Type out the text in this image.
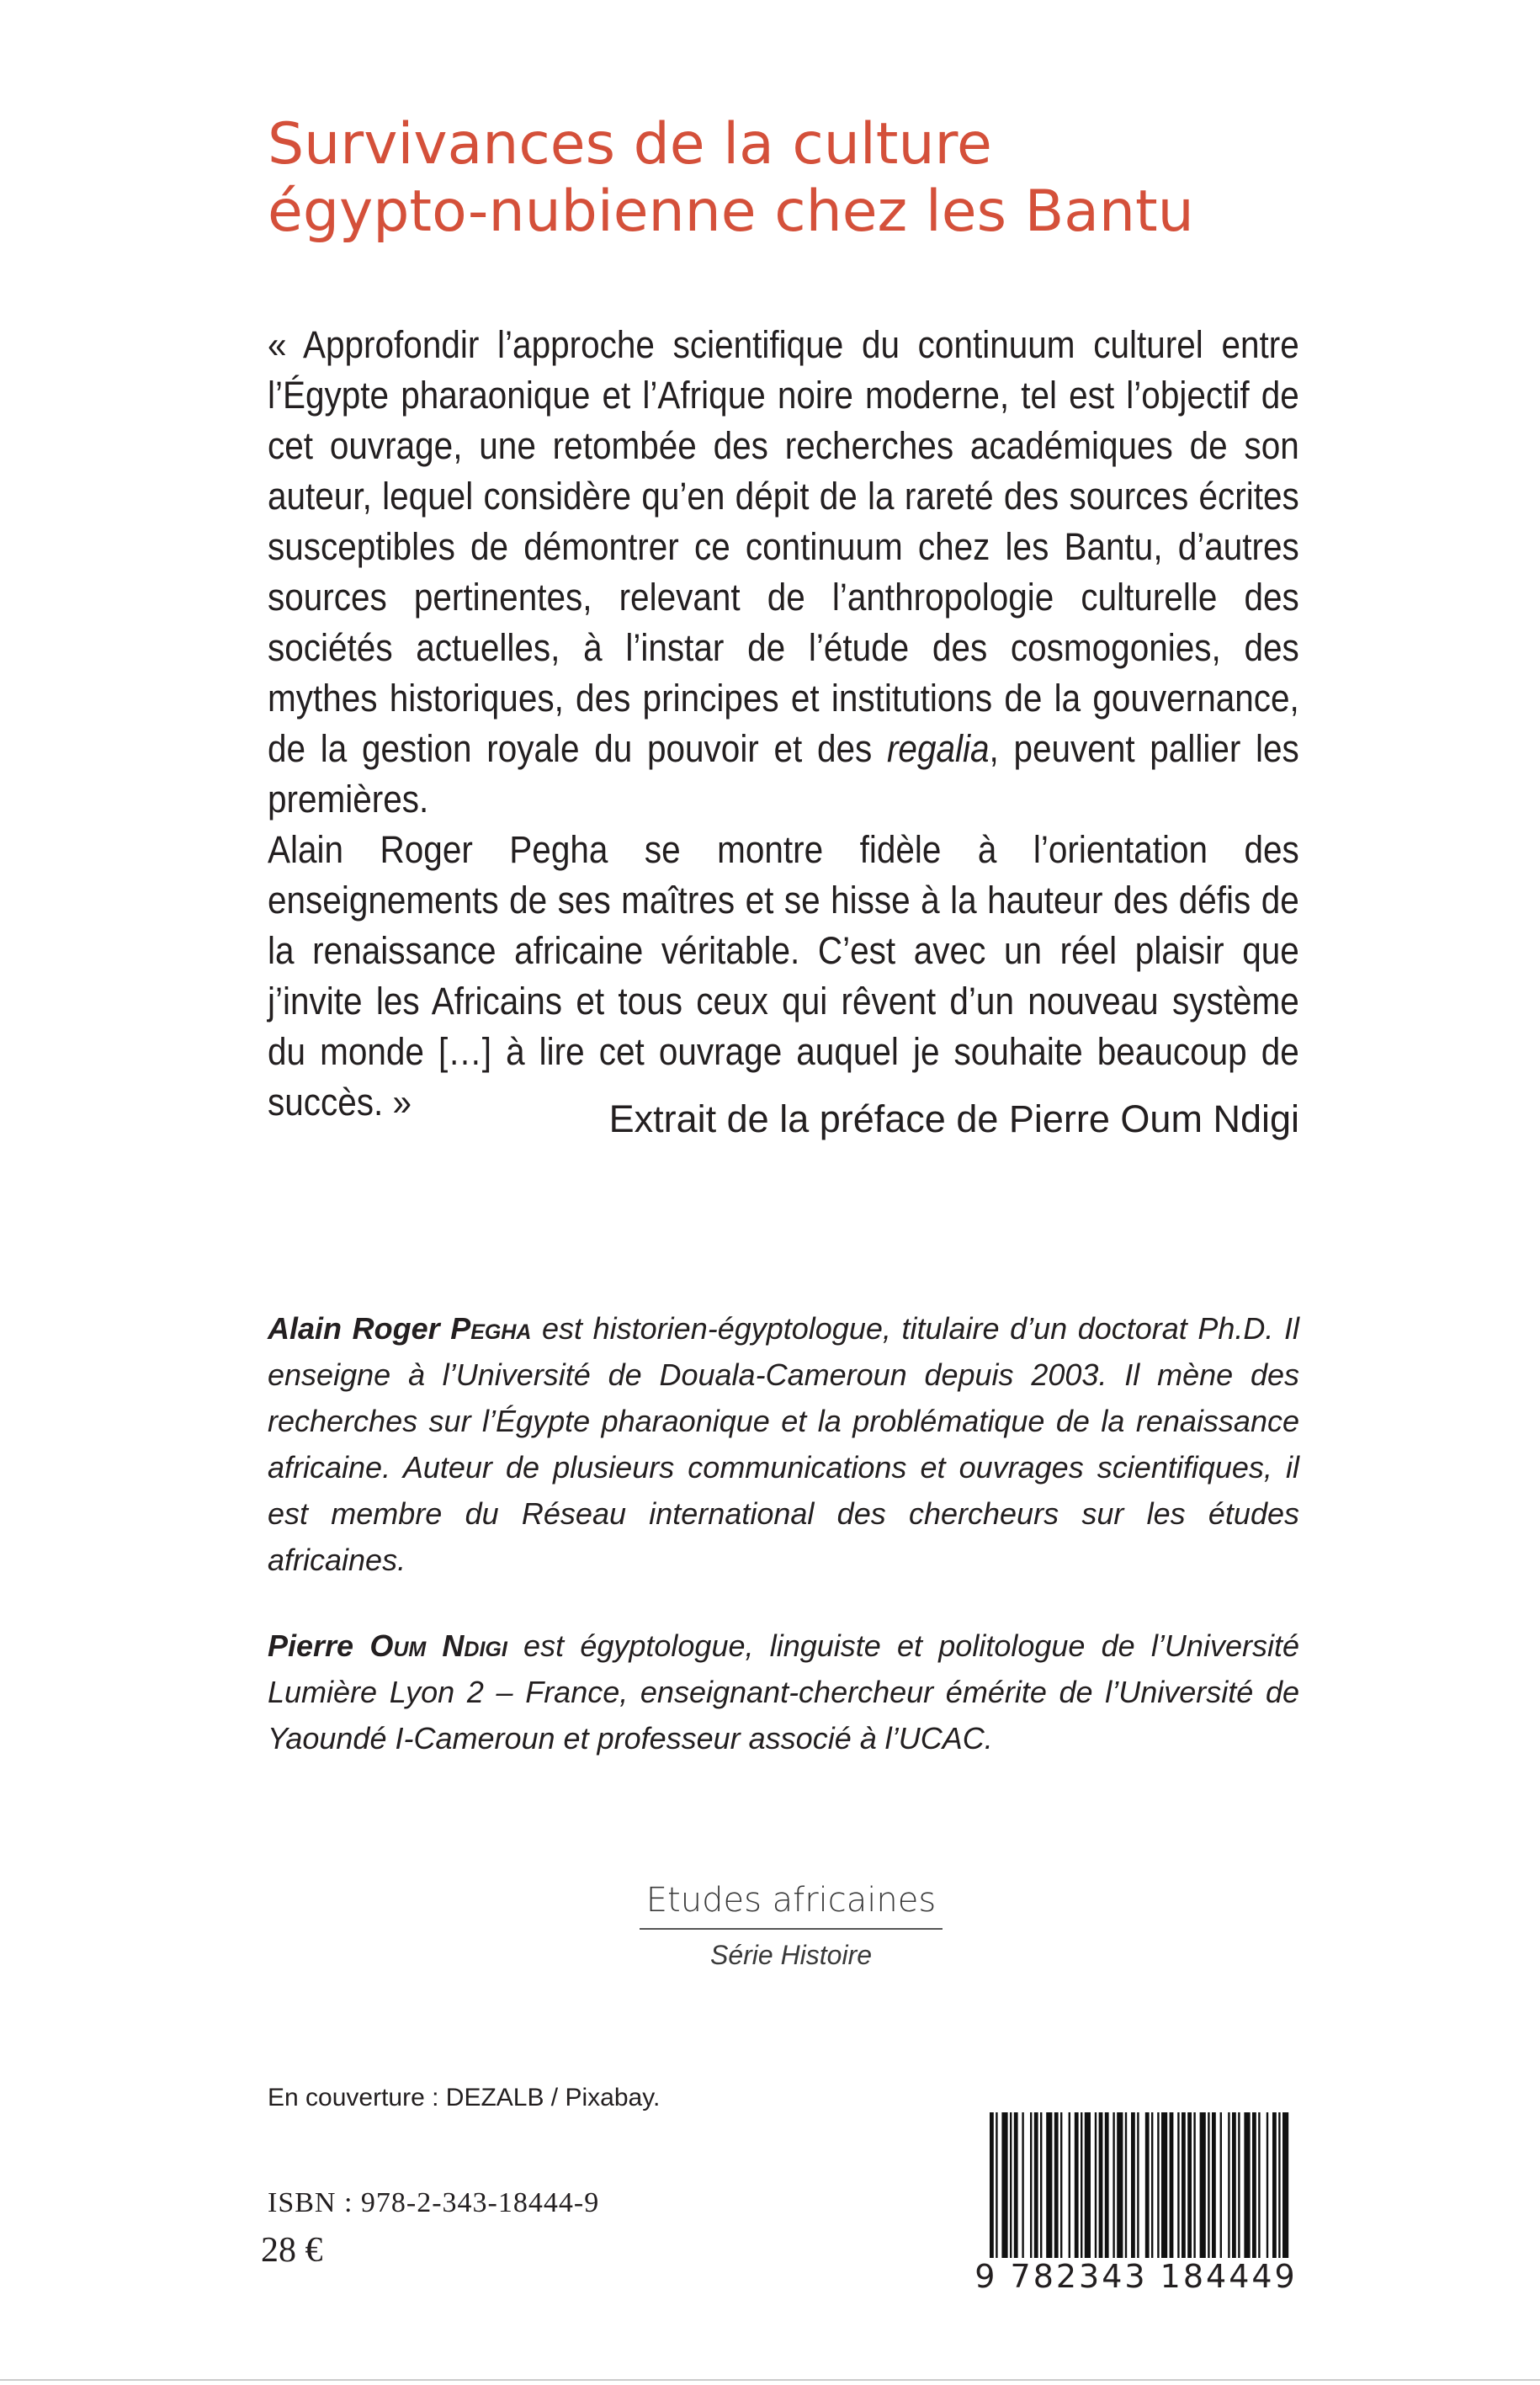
Survivances de la culture
égypto-nubienne chez les Bantu

« Approfondir l’approche scientifique du continuum culturel entre l’Égypte pharaonique et l’Afrique noire moderne, tel est l’objectif de cet ouvrage, une retombée des recherches académiques de son auteur, lequel considère qu’en dépit de la rareté des sources écrites susceptibles de démontrer ce continuum chez les Bantu, d’autres sources pertinentes, relevant de l’anthropologie culturelle des sociétés actuelles, à l’instar de l’étude des cosmogonies, des mythes historiques, des principes et institutions de la gouvernance, de la gestion royale du pouvoir et des regalia, peuvent pallier les premières.

Alain Roger Pegha se montre fidèle à l’orientation des enseignements de ses maîtres et se hisse à la hauteur des défis de la renaissance africaine véritable. C’est avec un réel plaisir que j’invite les Africains et tous ceux qui rêvent d’un nouveau système du monde […] à lire cet ouvrage auquel je souhaite beaucoup de succès. »	Extrait de la préface de Pierre Oum Ndigi
Alain Roger Pegha est historien-égyptologue, titulaire d’un doctorat Ph.D. Il enseigne à l’Université de Douala-Cameroun depuis 2003. Il mène des recherches sur l’Égypte pharaonique et la problématique de la renaissance africaine. Auteur de plusieurs communications et ouvrages scientifiques, il est membre du Réseau international des chercheurs sur les études africaines.
Pierre Oum Ndigi est égyptologue, linguiste et politologue de l’Université Lumière Lyon 2 – France, enseignant-chercheur émérite de l’Université de Yaoundé I-Cameroun et professeur associé à l’UCAC.
Etudes africaines
Série Histoire
En couverture : DEZALB / Pixabay.
ISBN : 978-2-343-18444-9
28 €
9 782343 184449
